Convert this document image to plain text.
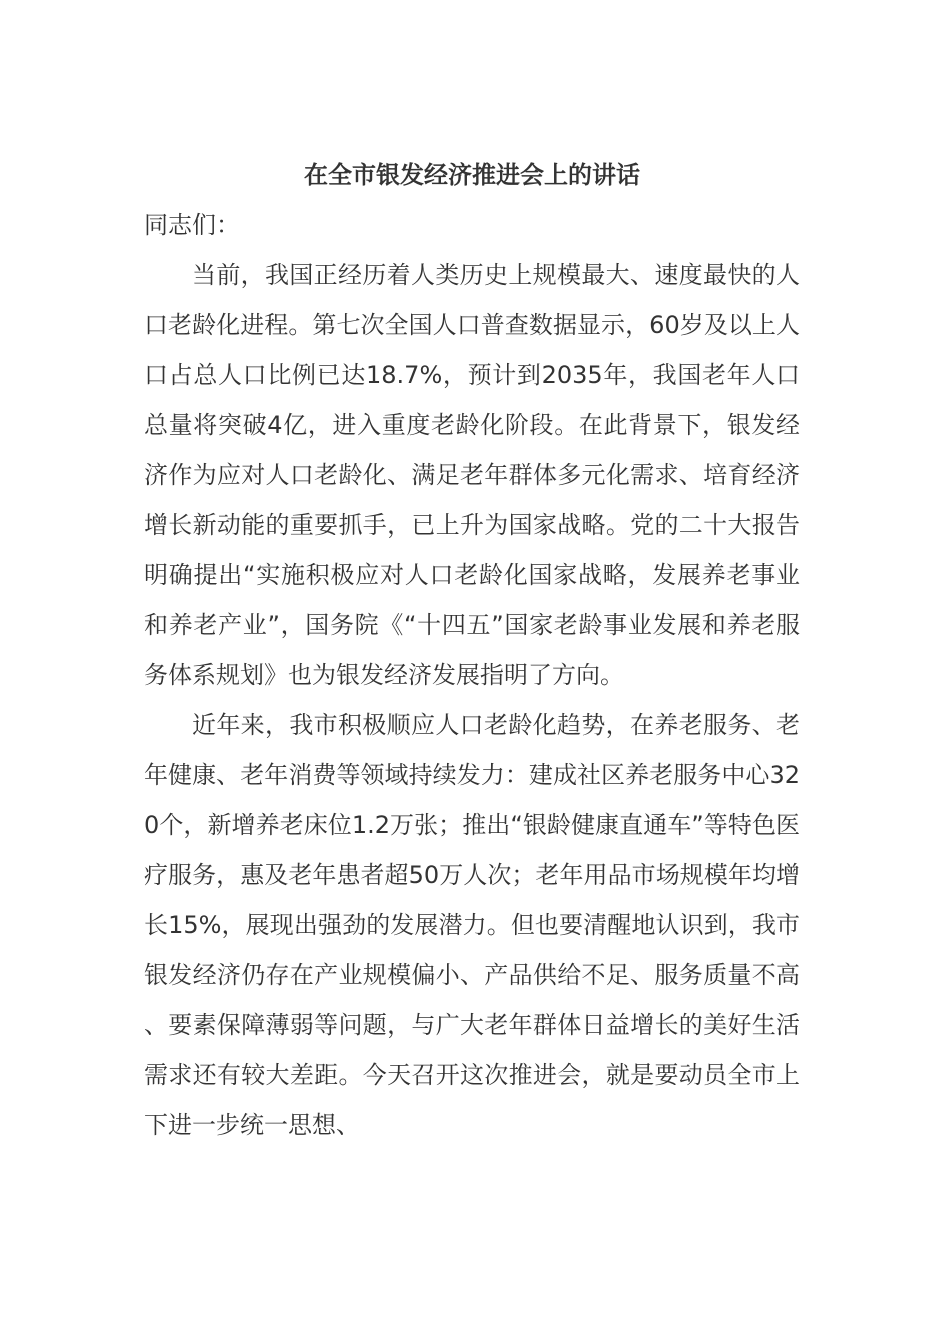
在全市银发经济推进会上的讲话

同志们：

当前，我国正经历着人类历史上规模最大、速度最快的人口老龄化进程。第七次全国人口普查数据显示，60岁及以上人口占总人口比例已达18.7%，预计到2035年，我国老年人口总量将突破4亿，进入重度老龄化阶段。在此背景下，银发经济作为应对人口老龄化、满足老年群体多元化需求、培育经济增长新动能的重要抓手，已上升为国家战略。党的二十大报告明确提出“实施积极应对人口老龄化国家战略，发展养老事业和养老产业”，国务院《“十四五”国家老龄事业发展和养老服务体系规划》也为银发经济发展指明了方向。

近年来，我市积极顺应人口老龄化趋势，在养老服务、老年健康、老年消费等领域持续发力：建成社区养老服务中心320个，新增养老床位1.2万张；推出“银龄健康直通车”等特色医疗服务，惠及老年患者超50万人次；老年用品市场规模年均增长15%，展现出强劲的发展潜力。但也要清醒地认识到，我市银发经济仍存在产业规模偏小、产品供给不足、服务质量不高、要素保障薄弱等问题，与广大老年群体日益增长的美好生活需求还有较大差距。今天召开这次推进会，就是要动员全市上下进一步统一思想、
